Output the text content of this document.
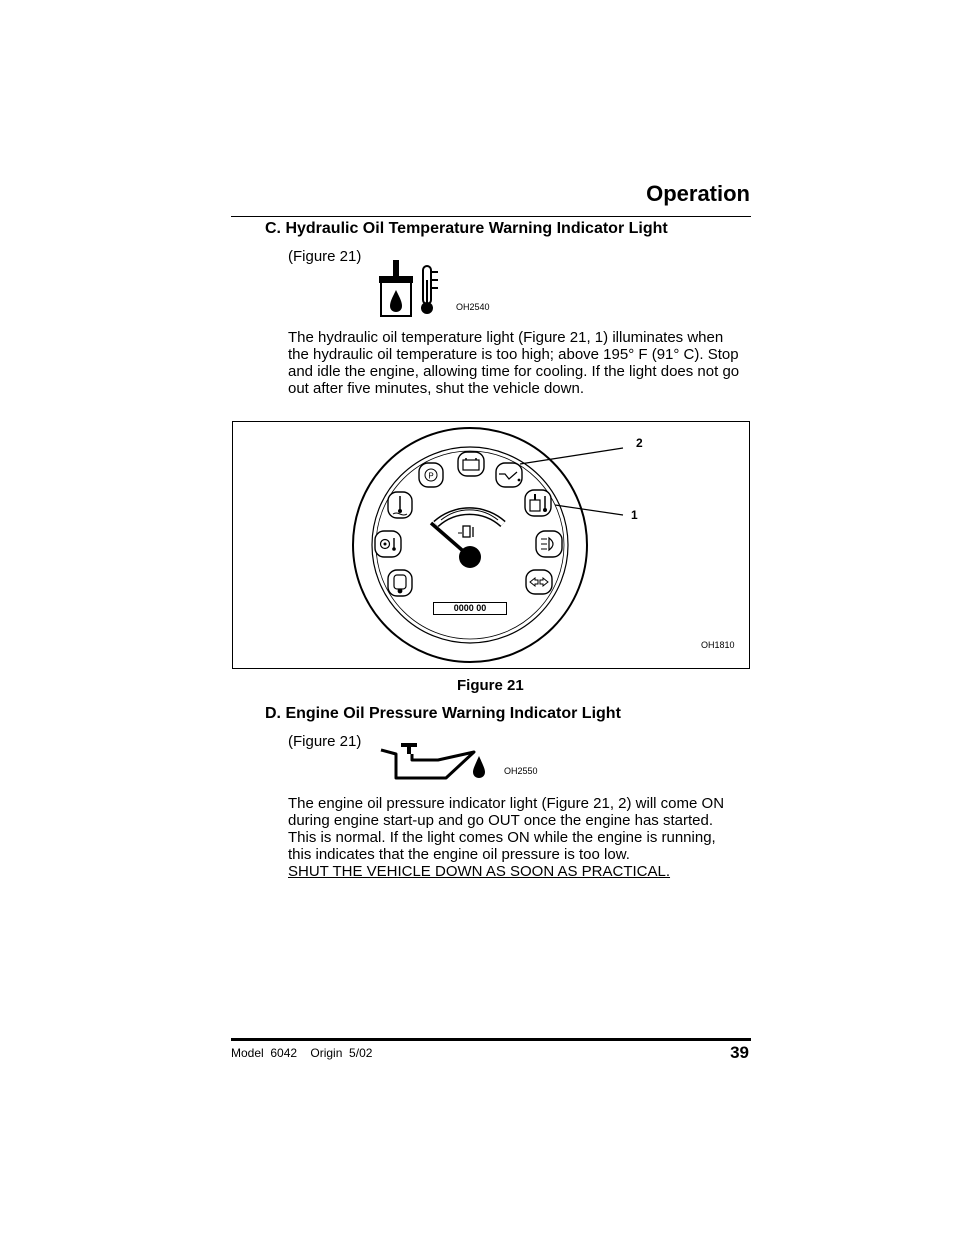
Operation
C. Hydraulic Oil Temperature Warning Indicator Light
(Figure 21)
OH2540
The hydraulic oil temperature light (Figure 21, 1) illuminates when
the hydraulic oil temperature is too high; above 195° F (91° C). Stop
and idle the engine, allowing time for cooling. If the light does not go
out after five minutes, shut the vehicle down.
P
2
1
0000 00
OH1810
Figure 21
D. Engine Oil Pressure Warning Indicator Light
(Figure 21)
OH2550
The engine oil pressure indicator light (Figure 21, 2) will come ON
during engine start-up and go OUT once the engine has started.
This is normal. If the light comes ON while the engine is running,
this indicates that the engine oil pressure is too low.
SHUT THE VEHICLE DOWN AS SOON AS PRACTICAL.
Model  6042    Origin  5/02	39
